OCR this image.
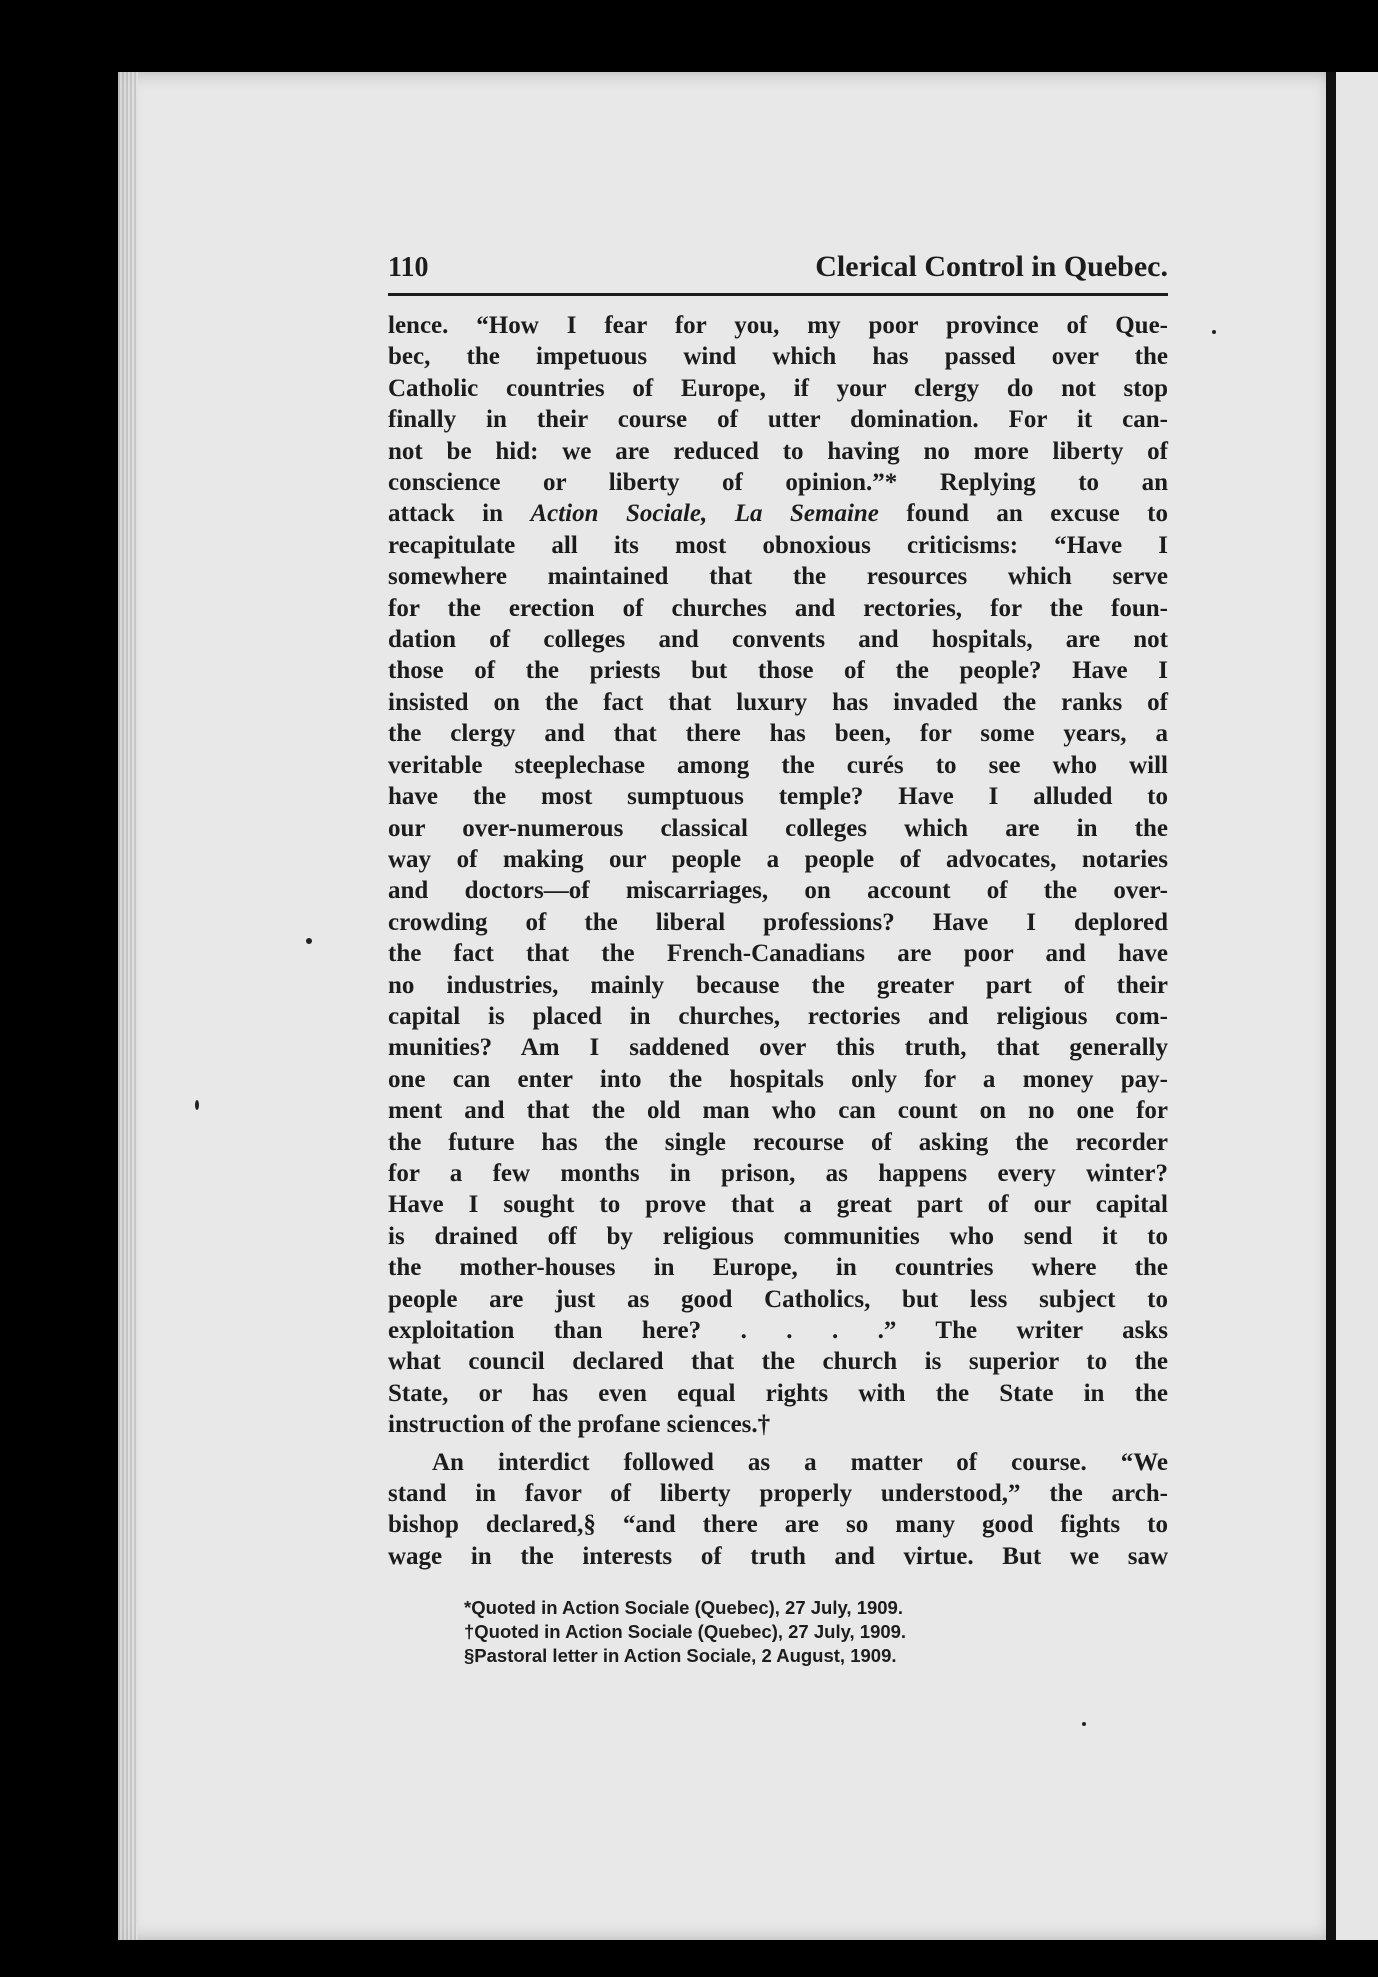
110	Clerical Control in Quebec.
lence. “How I fear for you, my poor province of Que-
bec, the impetuous wind which has passed over the
Catholic countries of Europe, if your clergy do not stop
finally in their course of utter domination. For it can-
not be hid: we are reduced to having no more liberty of
conscience or liberty of opinion.”* Replying to an
attack in Action Sociale, La Semaine found an excuse to
recapitulate all its most obnoxious criticisms: “Have I
somewhere maintained that the resources which serve
for the erection of churches and rectories, for the foun-
dation of colleges and convents and hospitals, are not
those of the priests but those of the people? Have I
insisted on the fact that luxury has invaded the ranks of
the clergy and that there has been, for some years, a
veritable steeplechase among the curés to see who will
have the most sumptuous temple? Have I alluded to
our over-numerous classical colleges which are in the
way of making our people a people of advocates, notaries
and doctors—of miscarriages, on account of the over-
crowding of the liberal professions? Have I deplored
the fact that the French-Canadians are poor and have
no industries, mainly because the greater part of their
capital is placed in churches, rectories and religious com-
munities? Am I saddened over this truth, that generally
one can enter into the hospitals only for a money pay-
ment and that the old man who can count on no one for
the future has the single recourse of asking the recorder
for a few months in prison, as happens every winter?
Have I sought to prove that a great part of our capital
is drained off by religious communities who send it to
the mother-houses in Europe, in countries where the
people are just as good Catholics, but less subject to
exploitation than here? . . . .” The writer asks
what council declared that the church is superior to the
State, or has even equal rights with the State in the
instruction of the profane sciences.†
An interdict followed as a matter of course. “We
stand in favor of liberty properly understood,” the arch-
bishop declared,§ “and there are so many good fights to
wage in the interests of truth and virtue. But we saw
*Quoted in Action Sociale (Quebec), 27 July, 1909.
†Quoted in Action Sociale (Quebec), 27 July, 1909.
§Pastoral letter in Action Sociale, 2 August, 1909.
